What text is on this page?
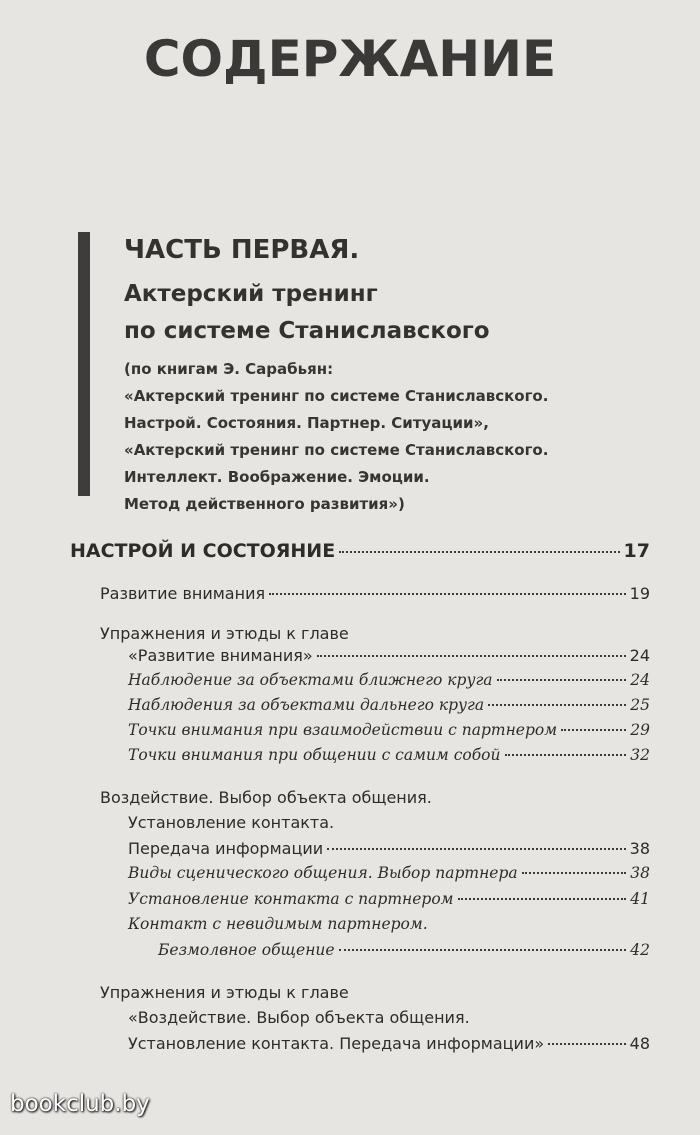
СОДЕРЖАНИЕ
ЧАСТЬ ПЕРВАЯ.
Актерский тренинг
по системе Станиславского
(по книгам Э. Сарабьян:
«Актерский тренинг по системе Станиславского.
Настрой. Состояния. Партнер. Ситуации»,
«Актерский тренинг по системе Станиславского.
Интеллект. Воображение. Эмоции.
Метод действенного развития»)
НАСТРОЙ И СОСТОЯНИЕ	17
Развитие внимания	19
Упражнения и этюды к главе
«Развитие внимания»	24
Наблюдение за объектами ближнего круга	24
Наблюдения за объектами дальнего круга	25
Точки внимания при взаимодействии с партнером	29
Точки внимания при общении с самим собой	32
Воздействие. Выбор объекта общения.
Установление контакта.
Передача информации	38
Виды сценического общения. Выбор партнера	38
Установление контакта с партнером	41
Контакт с невидимым партнером.
Безмолвное общение	42
Упражнения и этюды к главе
«Воздействие. Выбор объекта общения.
Установление контакта. Передача информации»	48
bookclub.by
